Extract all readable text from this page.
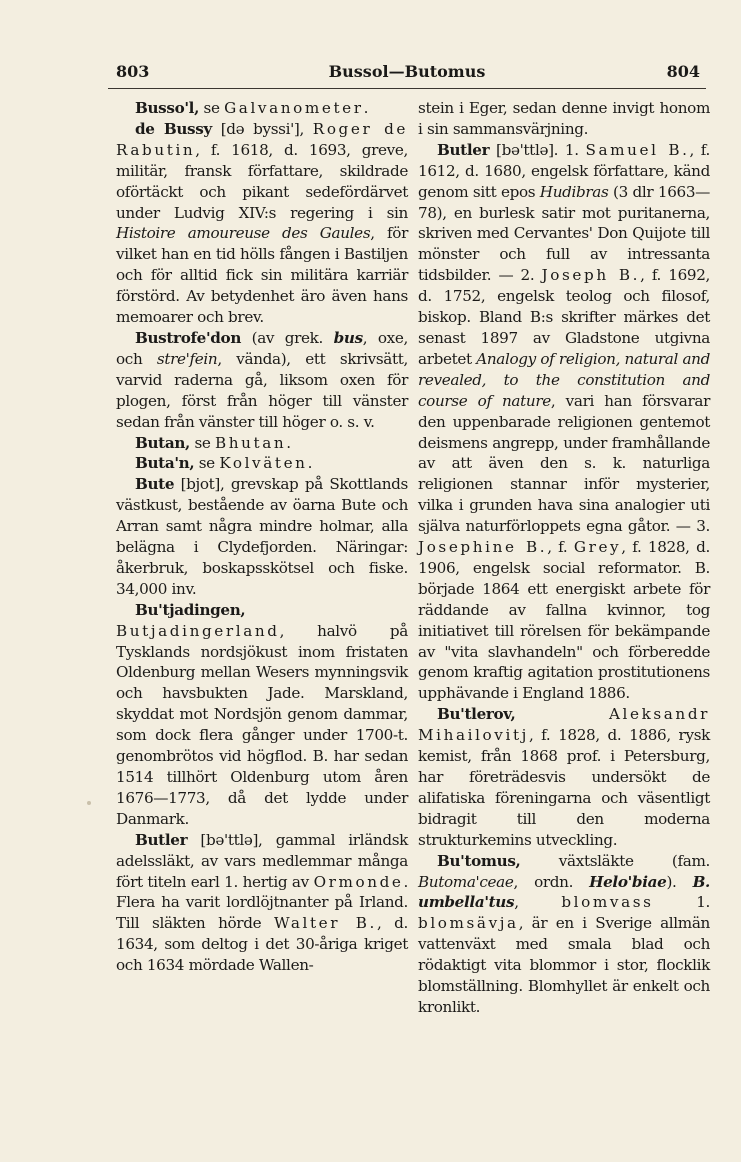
803	Bussol—Butomus	804

Busso'l, se Galvanometer.

de Bussy [də byssi'], Roger de Rabutin, f. 1618, d. 1693, greve, militär, fransk författare, skildrade oförtäckt och pikant sedefördärvet under Ludvig XIV:s regering i sin Histoire amoureuse des Gaules, för vilket han en tid hölls fången i Bastiljen och för alltid fick sin militära karriär förstörd. Av betydenhet äro även hans memoarer och brev.

Bustrofe'don (av grek. bus, oxe, och stre'fein, vända), ett skrivsätt, varvid raderna gå, liksom oxen för plogen, först från höger till vänster sedan från vänster till höger o. s. v.

Butan, se Bhutan.

Buta'n, se Kolväten.

Bute [bjot], grevskap på Skottlands västkust, bestående av öarna Bute och Arran samt några mindre holmar, alla belägna i Clydefjorden. Näringar: åkerbruk, boskapsskötsel och fiske. 34,000 inv.

Bu'tjadingen, Butjadingerland, halvö på Tysklands nordsjökust inom fristaten Oldenburg mellan Wesers mynningsvik och havsbukten Jade. Marskland, skyddat mot Nordsjön genom dammar, som dock flera gånger under 1700-t. genombrötos vid högflod. B. har sedan 1514 tillhört Oldenburg utom åren 1676—1773, då det lydde under Danmark.

Butler [bə'ttlə], gammal irländsk adelssläkt, av vars medlemmar många fört titeln earl 1. hertig av Ormonde. Flera ha varit lordlöjtnanter på Irland. Till släkten hörde Walter B., d. 1634, som deltog i det 30-åriga kriget och 1634 mördade Wallen-

stein i Eger, sedan denne invigt honom i sin sammansvärjning.

Butler [bə'ttlə]. 1. Samuel B., f. 1612, d. 1680, engelsk författare, känd genom sitt epos Hudibras (3 dlr 1663—78), en burlesk satir mot puritanerna, skriven med Cervantes' Don Quijote till mönster och full av intressanta tidsbilder. — 2. Joseph B., f. 1692, d. 1752, engelsk teolog och filosof, biskop. Bland B:s skrifter märkes det senast 1897 av Gladstone utgivna arbetet Analogy of religion, natural and revealed, to the constitution and course of nature, vari han försvarar den uppenbarade religionen gentemot deismens angrepp, under framhållande av att även den s. k. naturliga religionen stannar inför mysterier, vilka i grunden hava sina analogier uti själva naturförloppets egna gåtor. — 3. Josephine B., f. Grey, f. 1828, d. 1906, engelsk social reformator. B. började 1864 ett energiskt arbete för räddande av fallna kvinnor, tog initiativet till rörelsen för bekämpande av "vita slavhandeln" och förberedde genom kraftig agitation prostitutionens upphävande i England 1886.

Bu'tlerov,	Aleksandr Mihailovitj, f. 1828, d. 1886, rysk kemist, från 1868 prof. i Petersburg, har företrädesvis undersökt de alifatiska föreningarna och väsentligt bidragit till den moderna strukturkemins utveckling.

Bu'tomus, växtsläkte (fam. Butoma'ceae, ordn. Helo'biae). B. umbella'tus, blomvass 1. blomsävja, är en i Sverige allmän vattenväxt med smala blad och rödaktigt vita blommor i stor, flocklik blomställning. Blomhyllet är enkelt och kronlikt.
